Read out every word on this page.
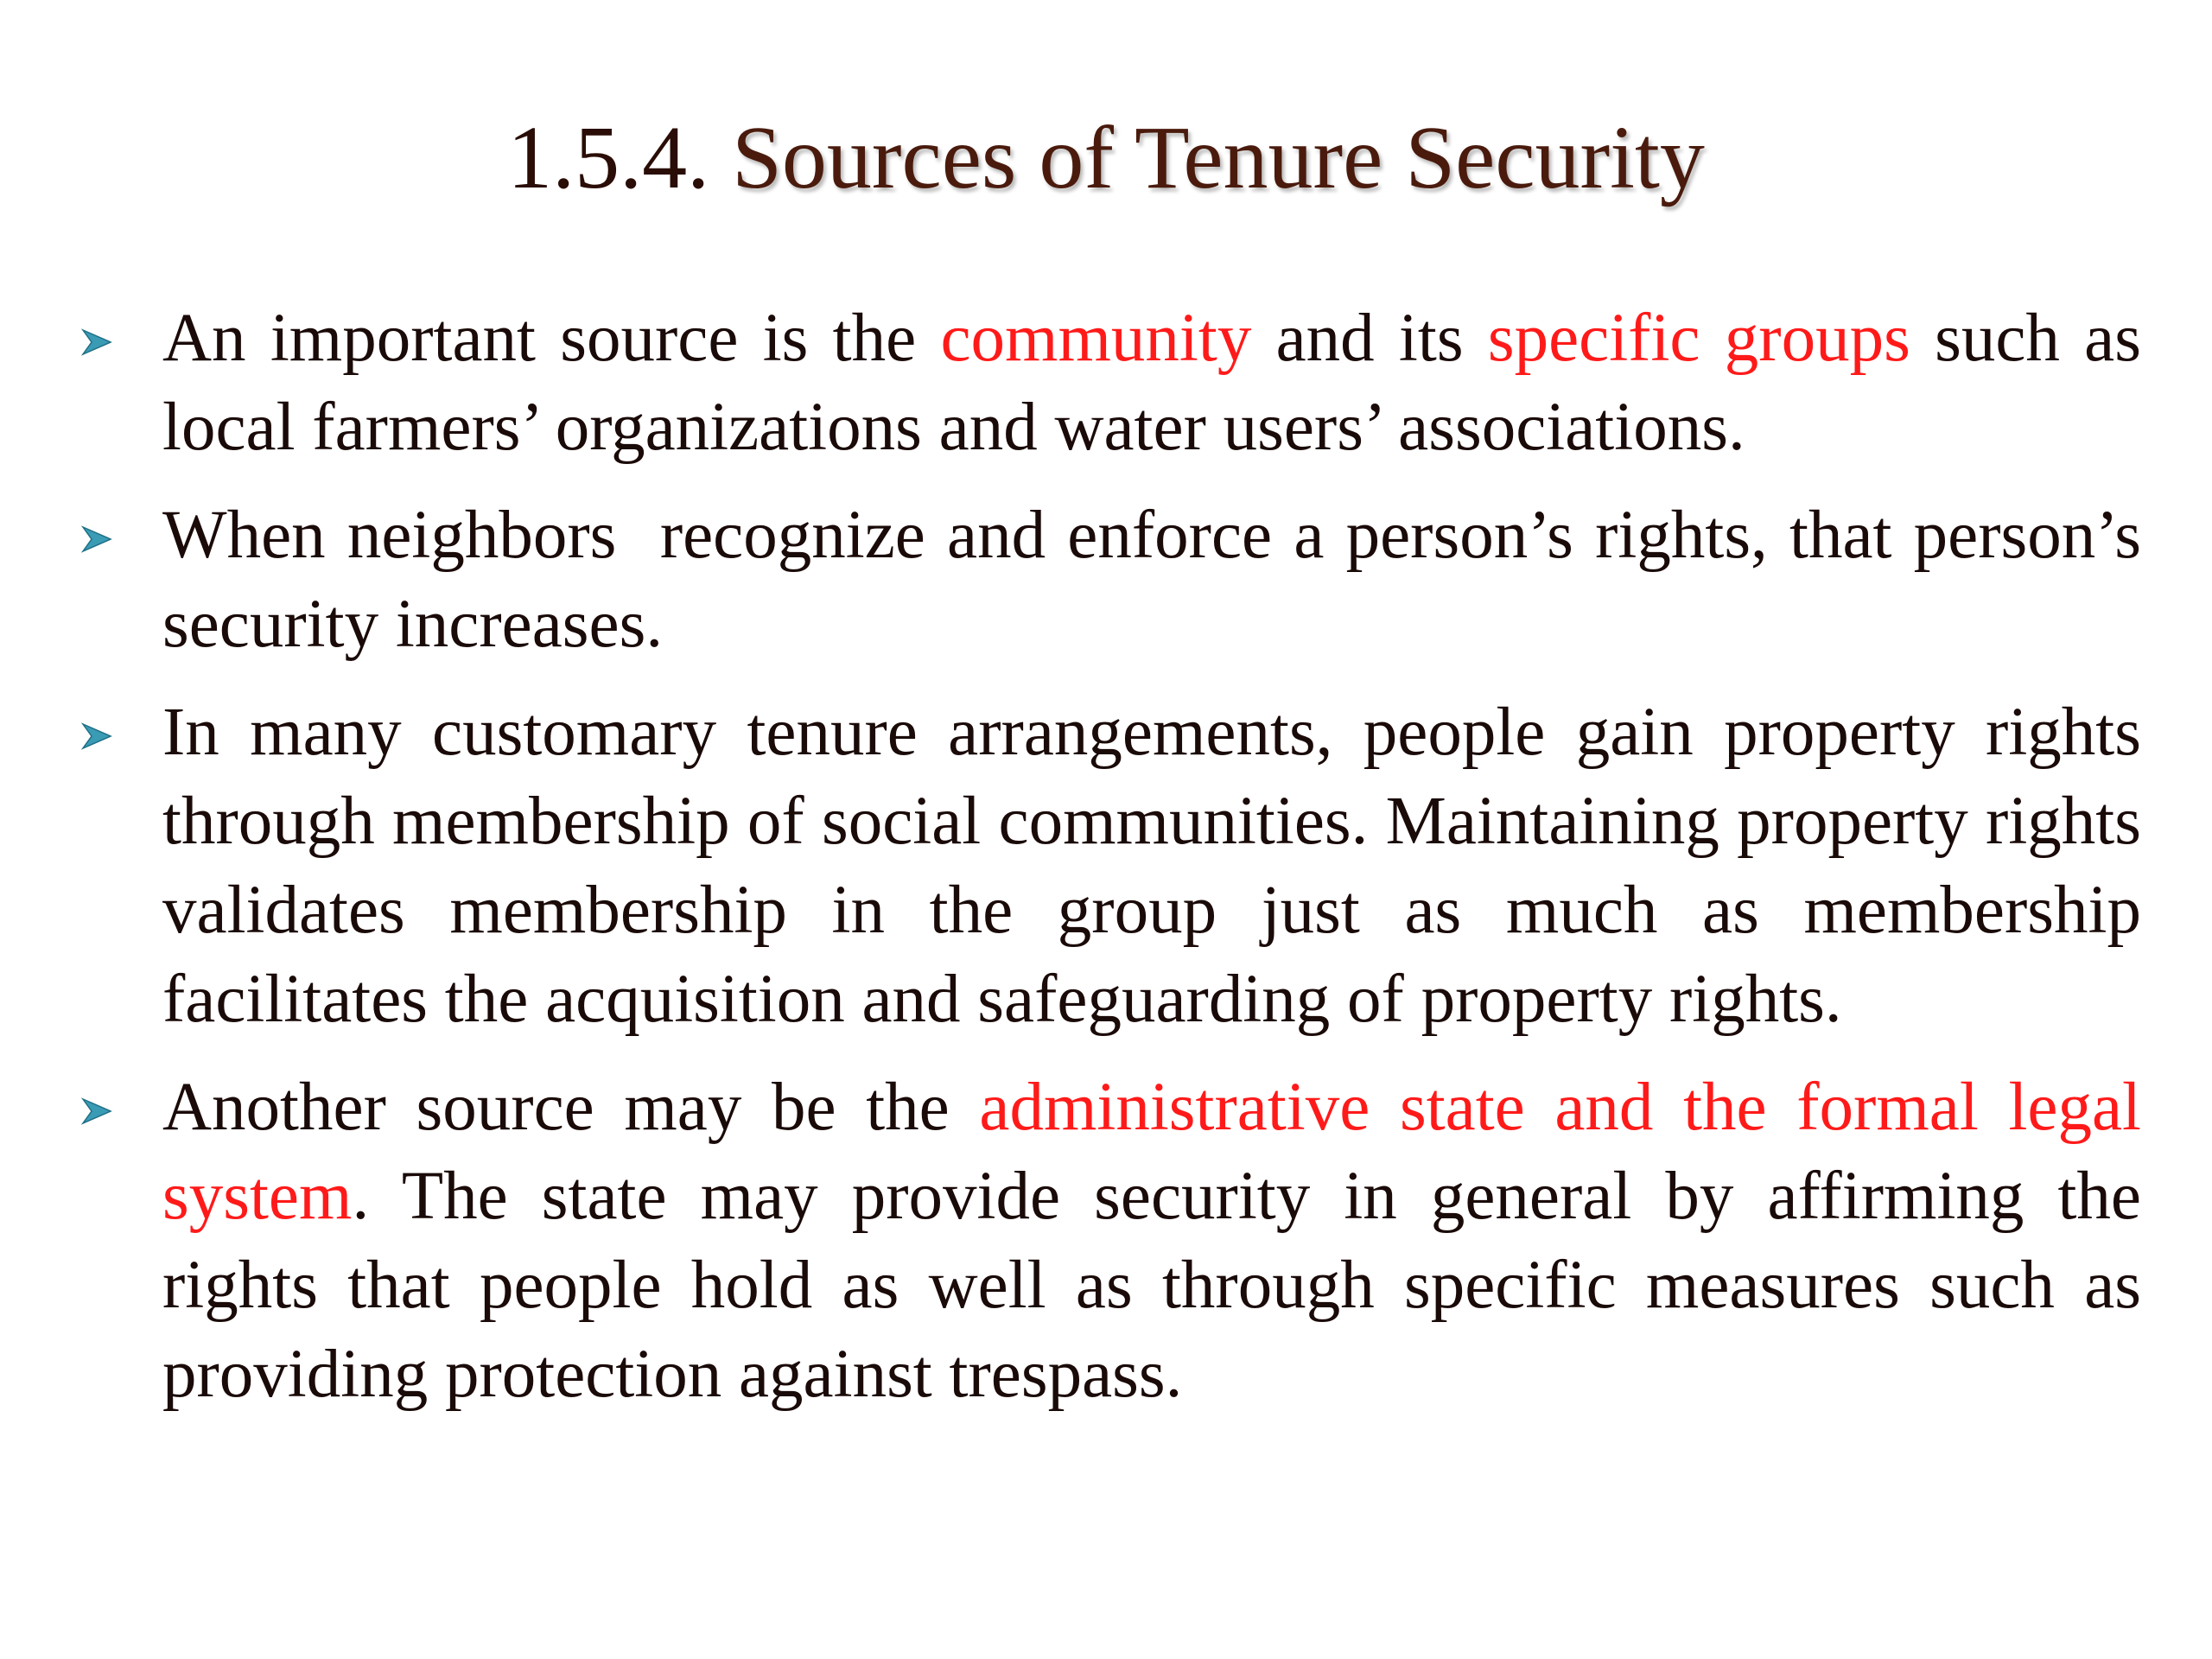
1.5.4. Sources of Tenure Security
An important source is the community and its specific groups such as local farmers’ organizations and water users’ associations.
When neighbors  recognize and enforce a person’s rights, that person’s security increases.
In many customary tenure arrangements, people gain property rights through membership of social communities. Maintaining property rights validates membership in the group just as much as membership facilitates the acquisition and safeguarding of property rights.
Another source may be the administrative state and the formal legal system. The state may provide security in general by affirming the rights that people hold as well as through specific measures such as providing protection against trespass.
